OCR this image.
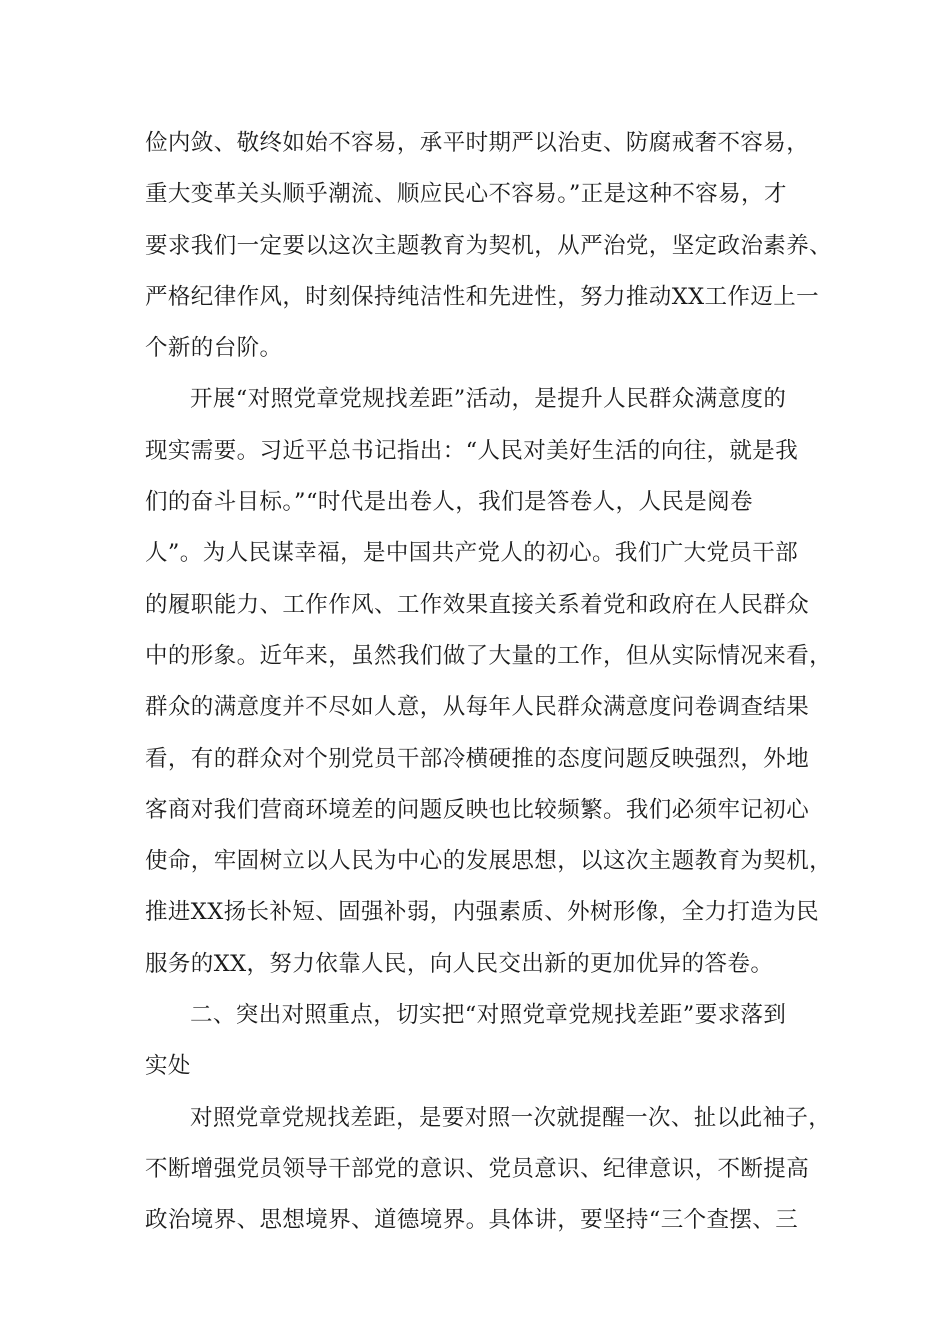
俭内敛、敬终如始不容易，承平时期严以治吏、防腐戒奢不容易，
重大变革关头顺乎潮流、顺应民心不容易。”正是这种不容易，才
要求我们一定要以这次主题教育为契机，从严治党，坚定政治素养、
严格纪律作风，时刻保持纯洁性和先进性，努力推动XX工作迈上一
个新的台阶。
开展“对照党章党规找差距”活动，是提升人民群众满意度的
现实需要。习近平总书记指出：“人民对美好生活的向往，就是我
们的奋斗目标。”“时代是出卷人，我们是答卷人，人民是阅卷
人”。为人民谋幸福，是中国共产党人的初心。我们广大党员干部
的履职能力、工作作风、工作效果直接关系着党和政府在人民群众
中的形象。近年来，虽然我们做了大量的工作，但从实际情况来看，
群众的满意度并不尽如人意，从每年人民群众满意度问卷调查结果
看，有的群众对个别党员干部冷横硬推的态度问题反映强烈，外地
客商对我们营商环境差的问题反映也比较频繁。我们必须牢记初心
使命，牢固树立以人民为中心的发展思想，以这次主题教育为契机，
推进XX扬长补短、固强补弱，内强素质、外树形像，全力打造为民
服务的XX，努力依靠人民，向人民交出新的更加优异的答卷。
二、突出对照重点，切实把“对照党章党规找差距”要求落到
实处
对照党章党规找差距，是要对照一次就提醒一次、扯以此袖子，
不断增强党员领导干部党的意识、党员意识、纪律意识，不断提高
政治境界、思想境界、道德境界。具体讲，要坚持“三个查摆、三
